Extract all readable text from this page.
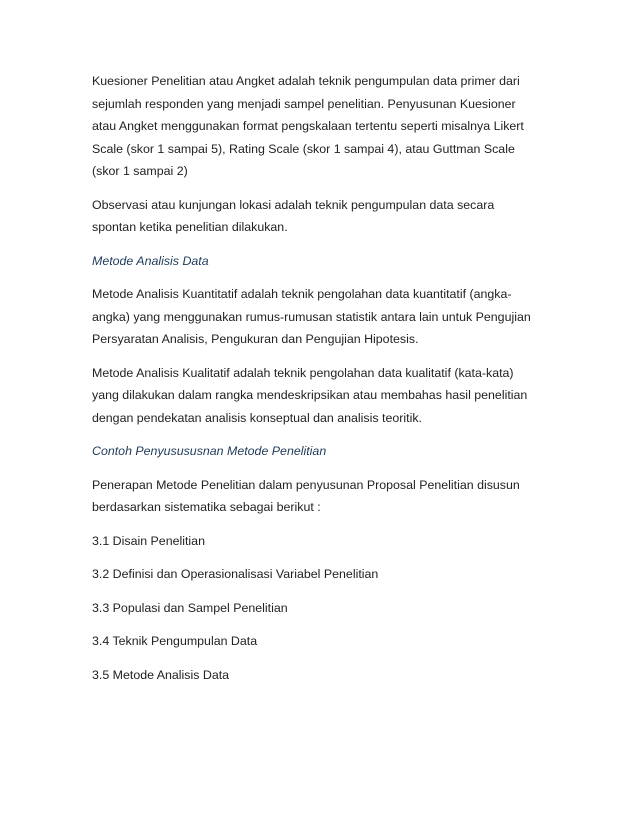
Kuesioner Penelitian atau Angket adalah teknik pengumpulan data primer dari
sejumlah responden yang menjadi sampel penelitian. Penyusunan Kuesioner
atau Angket menggunakan format pengskalaan tertentu seperti misalnya Likert
Scale (skor 1 sampai 5), Rating Scale (skor 1 sampai 4), atau Guttman Scale
(skor 1 sampai 2)

Observasi atau kunjungan lokasi adalah teknik pengumpulan data secara
spontan ketika penelitian dilakukan.

Metode Analisis Data

Metode Analisis Kuantitatif adalah teknik pengolahan data kuantitatif (angka-
angka) yang menggunakan rumus-rumusan statistik antara lain untuk Pengujian
Persyaratan Analisis, Pengukuran dan Pengujian Hipotesis.

Metode Analisis Kualitatif adalah teknik pengolahan data kualitatif (kata-kata)
yang dilakukan dalam rangka mendeskripsikan atau membahas hasil penelitian
dengan pendekatan analisis konseptual dan analisis teoritik.

Contoh Penyusususnan Metode Penelitian

Penerapan Metode Penelitian dalam penyusunan Proposal Penelitian disusun
berdasarkan sistematika sebagai berikut :

3.1 Disain Penelitian

3.2 Definisi dan Operasionalisasi Variabel Penelitian

3.3 Populasi dan Sampel Penelitian

3.4 Teknik Pengumpulan Data

3.5 Metode Analisis Data
